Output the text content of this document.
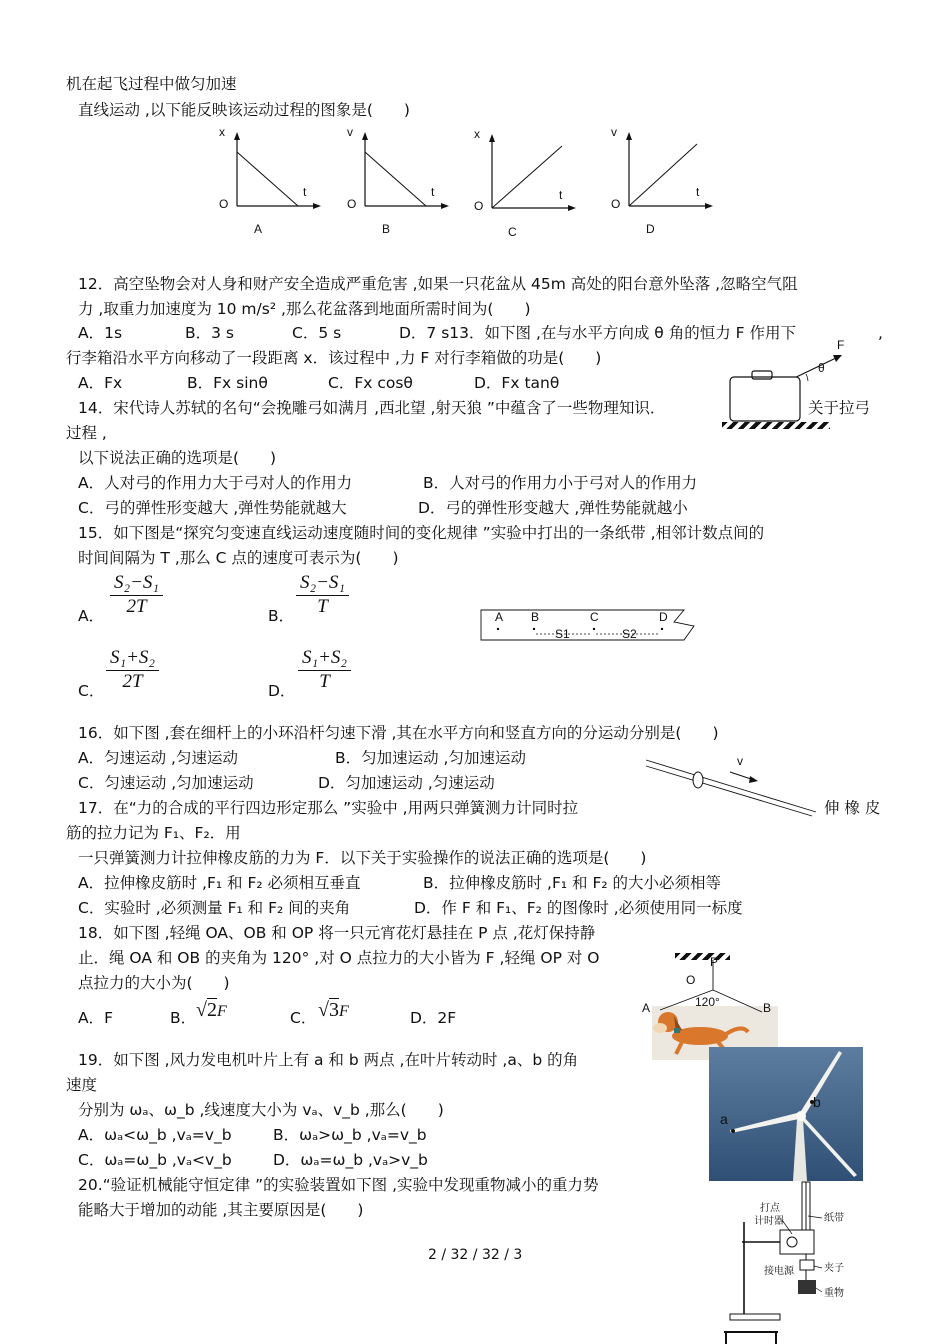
机在起飞过程中做匀加速
直线运动 ,以下能反映该运动过程的图象是(　　)
x
t
O
A
v
t
O
B
x
t
O
C
v
t
O
D
12．高空坠物会对人身和财产安全造成严重危害 ,如果一只花盆从 45m 高处的阳台意外坠落 ,忽略空气阻
力 ,取重力加速度为 10 m/s² ,那么花盆落到地面所需时间为(　　)
A．1s	B．3 s	C．5 s	D．7 s13．如下图 ,在与水平方向成 θ 角的恒力 F 作用下	,
行李箱沿水平方向移动了一段距离 x．该过程中 ,力 F 对行李箱做的功是(　　)
A．Fx	B．Fx sinθ	C．Fx cosθ	D．Fx tanθ
F
θ
14．宋代诗人苏轼的名句“会挽雕弓如满月 ,西北望 ,射天狼 ”中蕴含了一些物理知识．	关于拉弓
过程 ,
以下说法正确的选项是(　　)
A．人对弓的作用力大于弓对人的作用力	B．人对弓的作用力小于弓对人的作用力
C．弓的弹性形变越大 ,弹性势能就越大	D．弓的弹性形变越大 ,弹性势能就越小
15．如下图是“探究匀变速直线运动速度随时间的变化规律 ”实验中打出的一条纸带 ,相邻计数点间的
时间间隔为 T ,那么 C 点的速度可表示为(　　)
A． $\frac{\text{S₂−S₁}}{2T}$	B． $\frac{\text{S₂−S₁}}{T}$
C． $\frac{\text{S₁+S₂}}{2T}$	D． $\frac{\text{S₁+S₂}}{T}$
A B	C	D
S1	S2
16．如下图 ,套在细杆上的小环沿杆匀速下滑 ,其在水平方向和竖直方向的分运动分别是(　　)
A．匀速运动 ,匀速运动	B．匀加速运动 ,匀加速运动
C．匀速运动 ,匀加速运动	D．匀加速运动 ,匀速运动
v
17．在“力的合成的平行四边形定那么 ”实验中 ,用两只弹簧测力计同时拉	伸 橡 皮
筋的拉力记为 F₁、F₂．用
一只弹簧测力计拉伸橡皮筋的力为 F．以下关于实验操作的说法正确的选项是(　　)
A．拉伸橡皮筋时 ,F₁ 和 F₂ 必须相互垂直	B．拉伸橡皮筋时 ,F₁ 和 F₂ 的大小必须相等
C．实验时 ,必须测量 F₁ 和 F₂ 间的夹角	D．作 F 和 F₁、F₂ 的图像时 ,必须使用同一标度
18．如下图 ,轻绳 OA、OB 和 OP 将一只元宵花灯悬挂在 P 点 ,花灯保持静
止．绳 OA 和 OB 的夹角为 120° ,对 O 点拉力的大小皆为 F ,轻绳 OP 对 O
点拉力的大小为(　　)
A．F	B． √2F	C． √3F	D．2F
P
O
120°
A	B
19．如下图 ,风力发电机叶片上有 a 和 b 两点 ,在叶片转动时 ,a、b 的角
速度
分别为 ωₐ、ω_b ,线速度大小为 vₐ、v_b ,那么(　　)
A．ωₐ<ω_b ,vₐ=v_b	B．ωₐ>ω_b ,vₐ=v_b
C．ωₐ=ω_b ,vₐ<v_b	D．ωₐ=ω_b ,vₐ>v_b
a
b
20.“验证机械能守恒定律 ”的实验装置如下图 ,实验中发现重物减小的重力势
能略大于增加的动能 ,其主要原因是(　　)	打点
计时器	纸带
夹子
接电源
重物
2 / 32 / 32 / 3
